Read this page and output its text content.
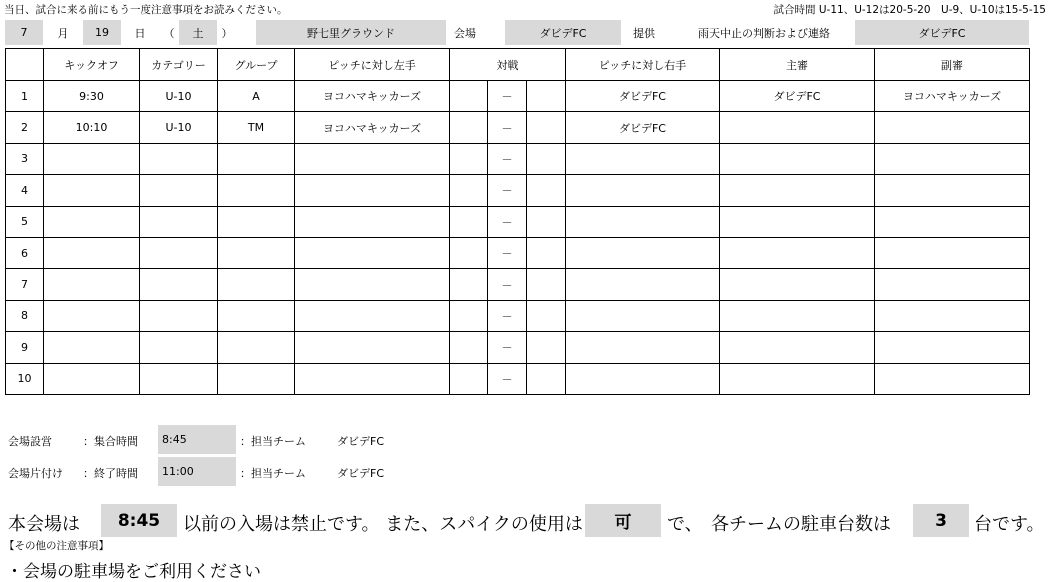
当日、試合に来る前にもう一度注意事項をお読みください。	試合時間 U-11、U-12は20-5-20　U-9、U-10は15-5-15
7	月	19	日	（	土	）	野七里グラウンド	会場	ダビデFC	提供	雨天中止の判断および連絡	ダビデFC
	キックオフ	カテゴリー	グループ	ピッチに対し左手	対戦			ピッチに対し右手	主審	副審
1	9:30	U-10	A	ヨコハマキッカーズ		－		ダビデFC	ダビデFC	ヨコハマキッカーズ
2	10:10	U-10	TM	ヨコハマキッカーズ		－		ダビデFC		
3						－				
4						－				
5						－				
6						－				
7						－				
8						－				
9						－				
10						－				
会場設営	：集合時間	8:45	：担当チーム	ダビデFC
会場片付け ：終了時間	11:00	：担当チーム	ダビデFC
本会場は	8:45	以前の入場は禁止です。 また、スパイクの使用は	可	で、 各チームの駐車台数は	3	台です。
【その他の注意事項】
・会場の駐車場をご利用ください
